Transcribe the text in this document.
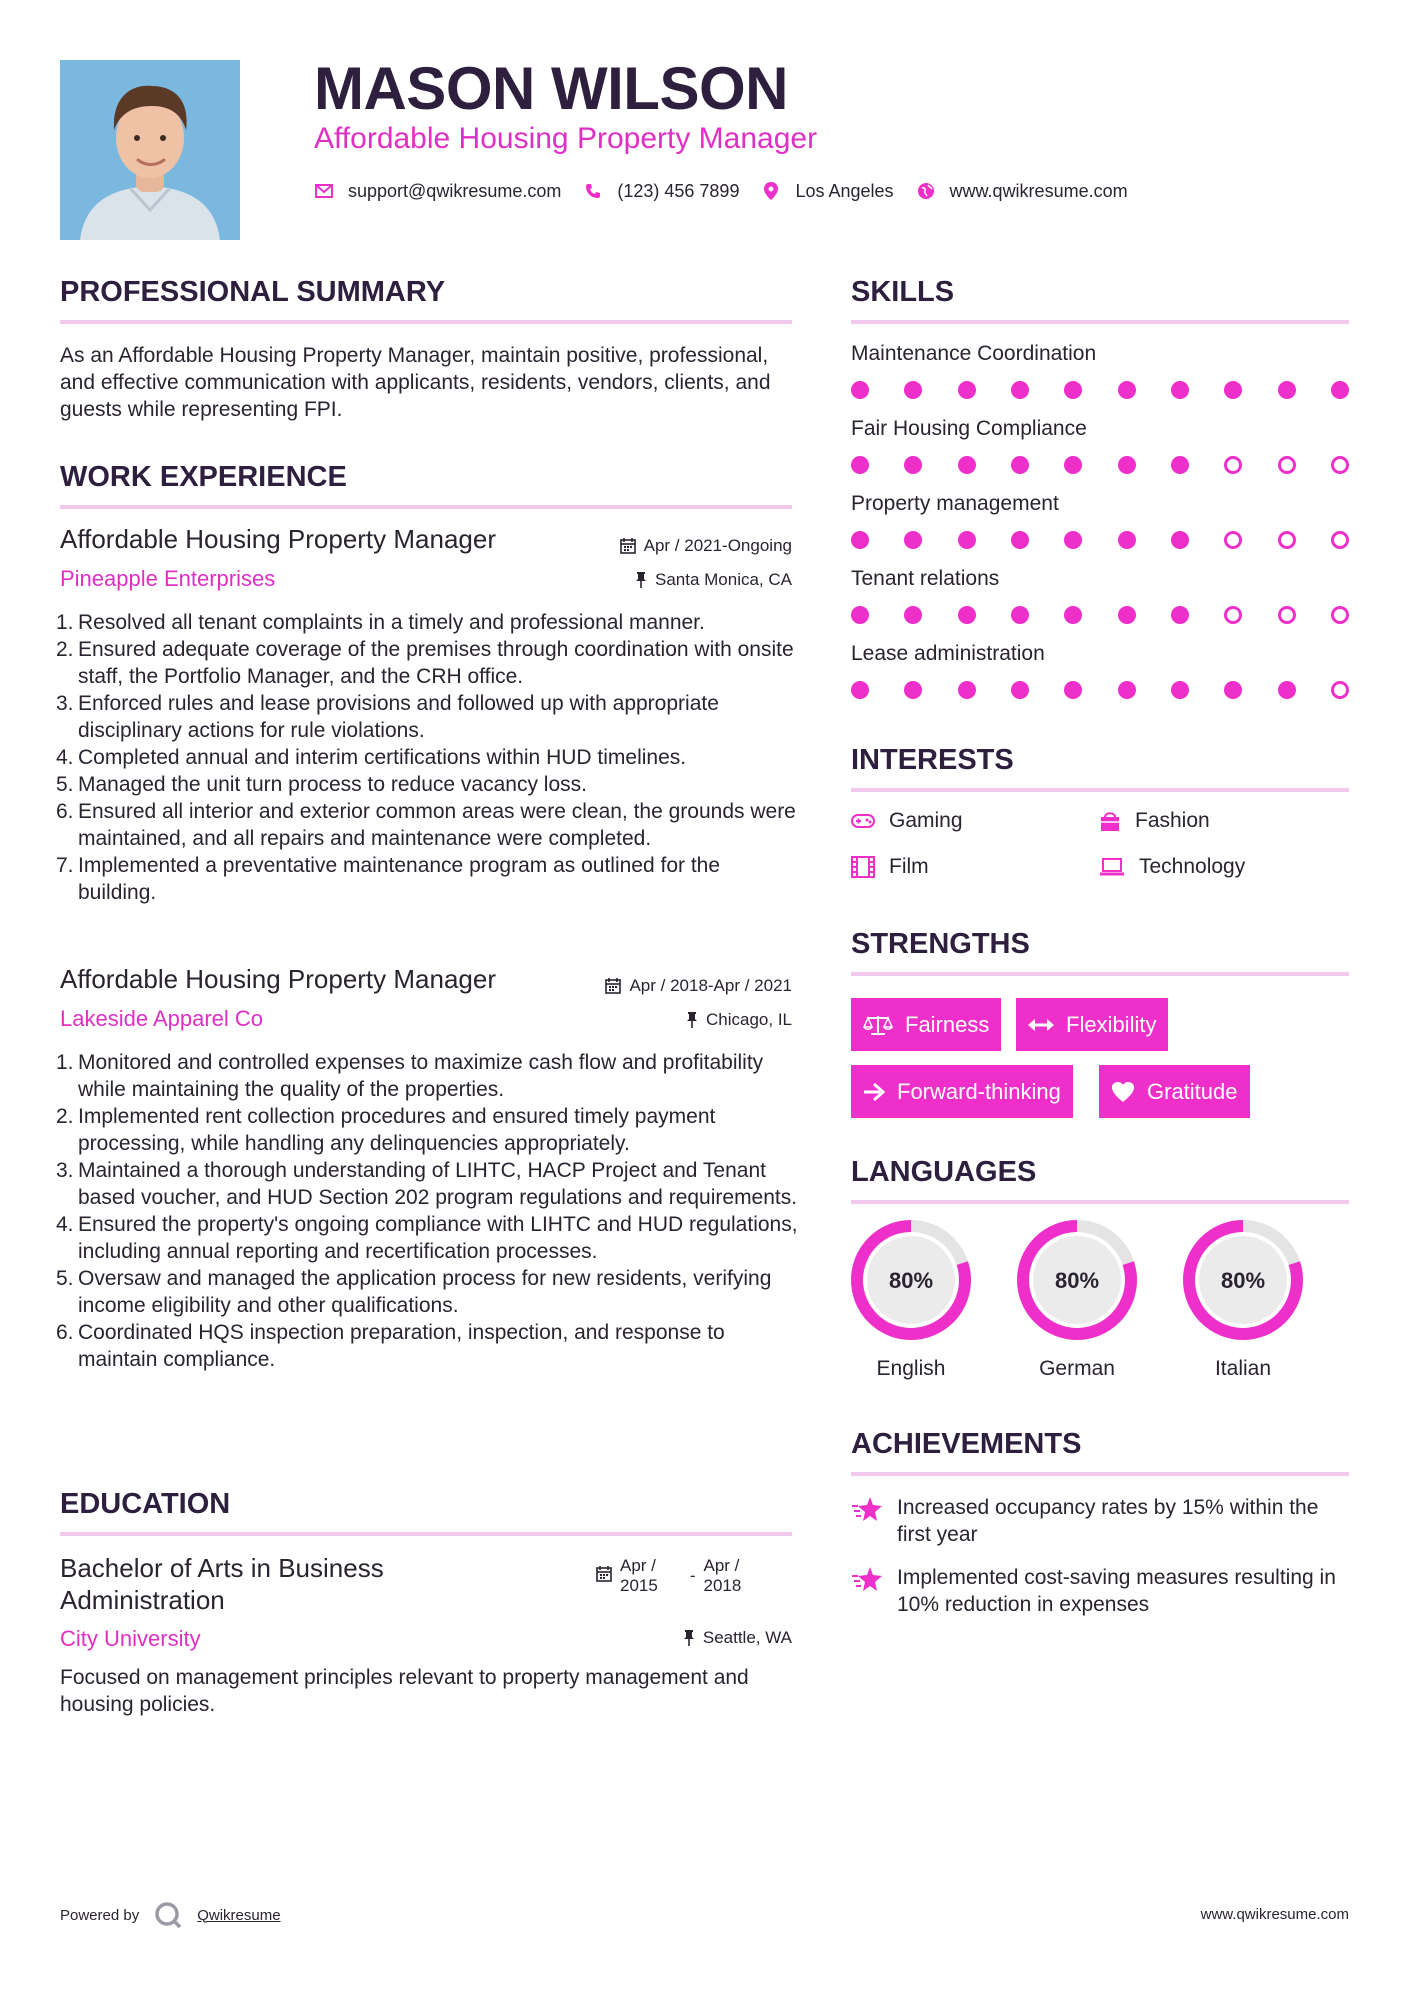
MASON WILSON
Affordable Housing Property Manager
support@qwikresume.com	(123) 456 7899	Los Angeles	www.qwikresume.com
PROFESSIONAL SUMMARY
As an Affordable Housing Property Manager, maintain positive, professional, and effective communication with applicants, residents, vendors, clients, and guests while representing FPI.
WORK EXPERIENCE
Affordable Housing Property Manager	Apr / 2021-Ongoing
Pineapple Enterprises	Santa Monica, CA
1. Resolved all tenant complaints in a timely and professional manner.
2. Ensured adequate coverage of the premises through coordination with onsite staff, the Portfolio Manager, and the CRH office.
3. Enforced rules and lease provisions and followed up with appropriate disciplinary actions for rule violations.
4. Completed annual and interim certifications within HUD timelines.
5. Managed the unit turn process to reduce vacancy loss.
6. Ensured all interior and exterior common areas were clean, the grounds were maintained, and all repairs and maintenance were completed.
7. Implemented a preventative maintenance program as outlined for the building.
Affordable Housing Property Manager	Apr / 2018-Apr / 2021
Lakeside Apparel Co	Chicago, IL
1. Monitored and controlled expenses to maximize cash flow and profitability while maintaining the quality of the properties.
2. Implemented rent collection procedures and ensured timely payment processing, while handling any delinquencies appropriately.
3. Maintained a thorough understanding of LIHTC, HACP Project and Tenant based voucher, and HUD Section 202 program regulations and requirements.
4. Ensured the property's ongoing compliance with LIHTC and HUD regulations, including annual reporting and recertification processes.
5. Oversaw and managed the application process for new residents, verifying income eligibility and other qualifications.
6. Coordinated HQS inspection preparation, inspection, and response to maintain compliance.
EDUCATION
Bachelor of Arts in Business
Administration
Apr /
2015
-
Apr /
2018
City University	Seattle, WA
Focused on management principles relevant to property management and housing policies.
SKILLS
Maintenance Coordination
Fair Housing Compliance
Property management
Tenant relations
Lease administration
INTERESTS
Gaming	Fashion
Film	Technology
STRENGTHS
Fairness	Flexibility
Forward-thinking	Gratitude
LANGUAGES
80%
English
80%
German
80%
Italian
ACHIEVEMENTS
Increased occupancy rates by 15% within the first year
Implemented cost-saving measures resulting in 10% reduction in expenses
Powered by	Qwikresume	www.qwikresume.com
